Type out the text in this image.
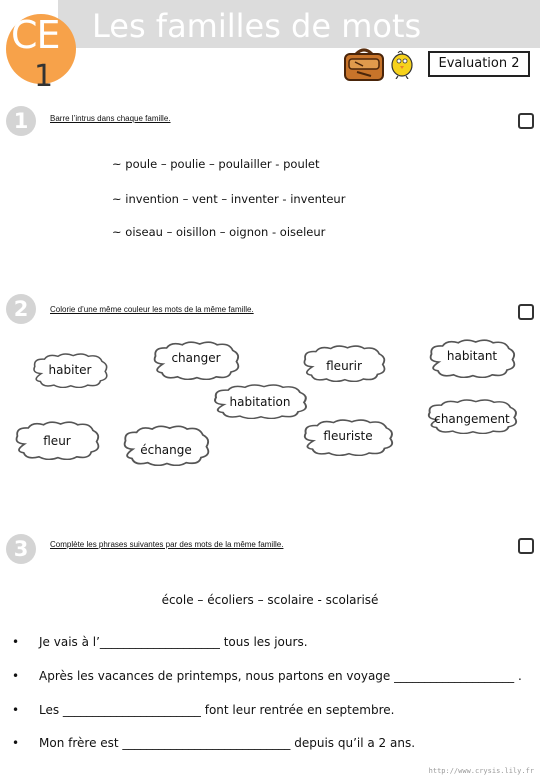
CE
1
Les familles de mots
Evaluation 2
1	Barre l’intrus dans chaque famille.
~ poule – poulie – poulailler - poulet
~ invention – vent – inventer - inventeur
~ oiseau – oisillon – oignon - oiseleur
2	Colorie d’une même couleur les mots de la même famille.
habiter
changer
fleurir
habitant
habitation
changement
fleur
échange
fleuriste
3	Complète les phrases suivantes par des mots de la même famille.
école – écoliers – scolaire - scolarisé
• Je vais à l’____________________ tous les jours.
• Après les vacances de printemps, nous partons en voyage ____________________ .
• Les _______________________ font leur rentrée en septembre.
• Mon frère est ____________________________ depuis qu’il a 2 ans.
http://www.crysis.lily.fr
